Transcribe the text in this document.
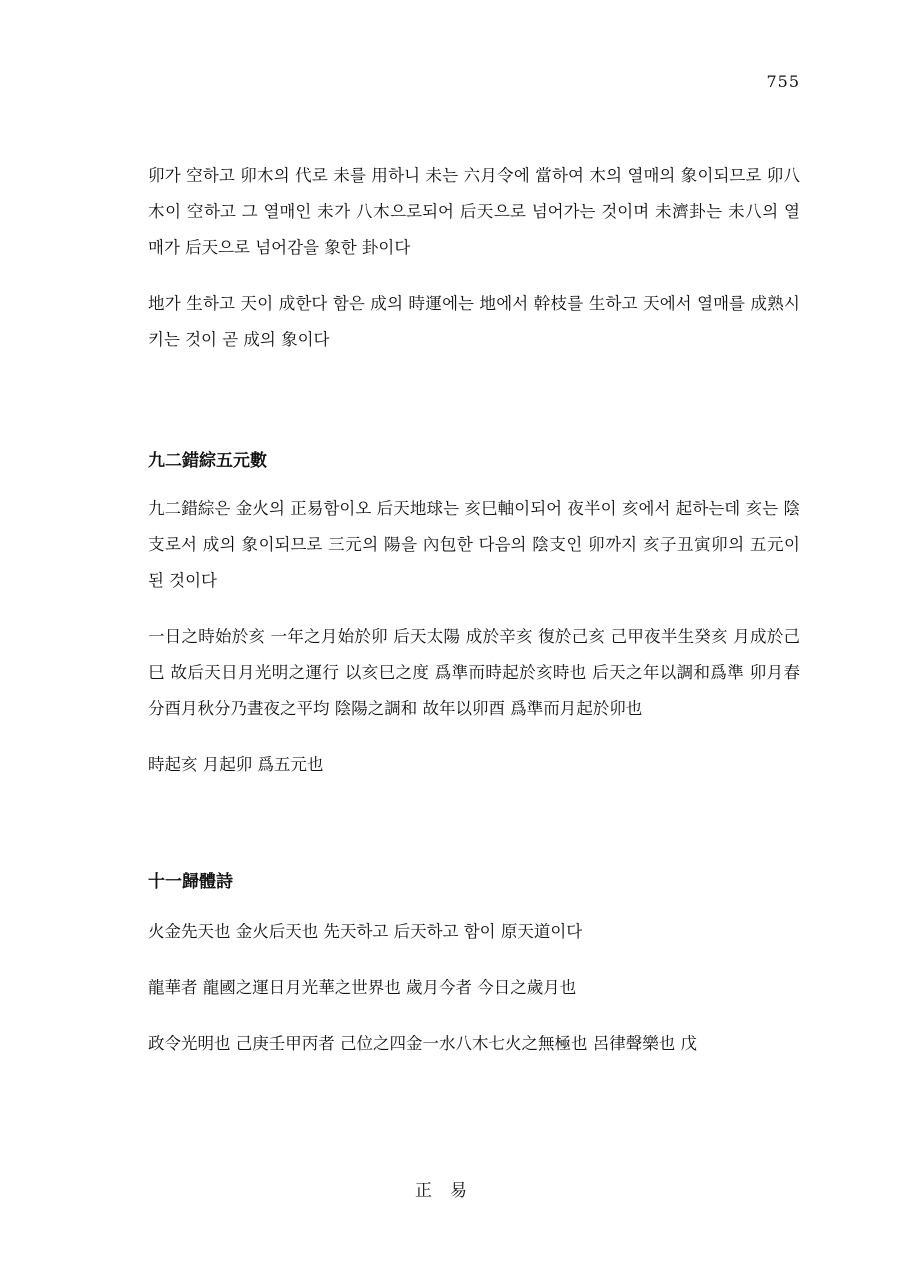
755

卯가 空하고 卯木의 代로 未를 用하니 未는 六月令에 當하여 木의 열매의 象이되므로 卯八木이 空하고 그 열매인 未가 八木으로되어 后天으로 넘어가는 것이며 未濟卦는 未八의 열매가 后天으로 넘어감을 象한 卦이다

地가 生하고 天이 成한다 함은 成의 時運에는 地에서 幹枝를 生하고 天에서 열매를 成熟시키는 것이 곧 成의 象이다

九二錯綜五元數

九二錯綜은 金火의 正易함이오 后天地球는 亥巳軸이되어 夜半이 亥에서 起하는데 亥는 陰支로서 成의 象이되므로 三元의 陽을 內包한 다음의 陰支인 卯까지 亥子丑寅卯의 五元이 된 것이다

一日之時始於亥 一年之月始於卯 后天太陽 成於辛亥 復於己亥 己甲夜半生癸亥 月成於己巳 故后天日月光明之運行 以亥巳之度 爲準而時起於亥時也 后天之年以調和爲準 卯月春分酉月秋分乃晝夜之平均 陰陽之調和 故年以卯酉 爲準而月起於卯也

時起亥 月起卯 爲五元也

十一歸體詩

火金先天也 金火后天也 先天하고 后天하고 함이 原天道이다

龍華者 龍國之運日月光華之世界也 歲月今者 今日之歲月也

政令光明也 己庚壬甲丙者 己位之四金一水八木七火之無極也 呂律聲樂也 戊

正易
